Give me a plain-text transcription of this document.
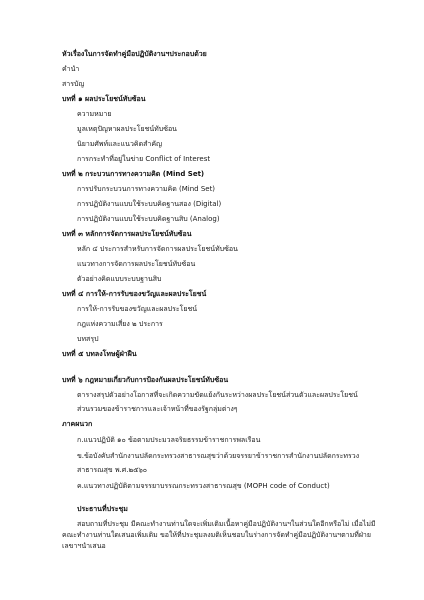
หัวเรื่องในการจัดทำคู่มือปฏิบัติงานฯประกอบด้วย
คำนำ
สารบัญ
บทที่ ๑ ผลประโยชน์ทับซ้อน
ความหมาย
มูลเหตุปัญหาผลประโยชน์ทับซ้อน
นิยามศัพท์และแนวคิดสำคัญ
การกระทำที่อยู่ในข่าย Conflict of Interest
บทที่ ๒ กระบวนการทางความคิด (Mind Set)
การปรับกระบวนการทางความคิด (Mind Set)
การปฏิบัติงานแบบใช้ระบบคิดฐานสอง (Digital)
การปฏิบัติงานแบบใช้ระบบคิดฐานสิบ (Analog)
บทที่ ๓ หลักการจัดการผลประโยชน์ทับซ้อน
หลัก ๔ ประการสำหรับการจัดการผลประโยชน์ทับซ้อน
แนวทางการจัดการผลประโยชน์ทับซ้อน
ตัวอย่างคิดแบบระบบฐานสิบ
บทที่ ๔ การให้-การรับของขวัญและผลประโยชน์
การให้-การรับของขวัญและผลประโยชน์
กฎแห่งความเสี่ยง ๒ ประการ
บทสรุป
บทที่ ๕ บทลงโทษผู้ฝ่าฝืน
บทที่ ๖ กฎหมายเกี่ยวกับการป้องกันผลประโยชน์ทับซ้อน
ตารางสรุปตัวอย่างโอกาสที่จะเกิดความขัดแย้งกันระหว่างผลประโยชน์ส่วนตัวและผลประโยชน์
ส่วนรวมของข้าราชการและเจ้าหน้าที่ของรัฐกลุ่มต่างๆ
ภาคผนวก
ก.แนวปฏิบัติ ๑๐ ข้อตามประมวลจริยธรรมข้าราชการพลเรือน
ข.ข้อบังคับสำนักงานปลัดกระทรวงสาธารณสุขว่าด้วยจรรยาข้าราชการสำนักงานปลัดกระทรวง
สาธารณสุข พ.ศ.๒๕๖๐
ค.แนวทางปฏิบัติตามจรรยาบรรณกระทรวงสาธารณสุข (MOPH code of Conduct)
ประธานที่ประชุม
สอบถามที่ประชุม มีคณะทำงานท่านใดจะเพิ่มเติมเนื้อหาคู่มือปฏิบัติงานฯในส่วนใดอีกหรือไม่ เมื่อไม่มีคณะทำงานท่านใดเสนอเพิ่มเติม ขอให้ที่ประชุมลงมติเห็นชอบในร่างการจัดทำคู่มือปฏิบัติงานฯตามที่ฝ่ายเลขาฯนำเสนอ
